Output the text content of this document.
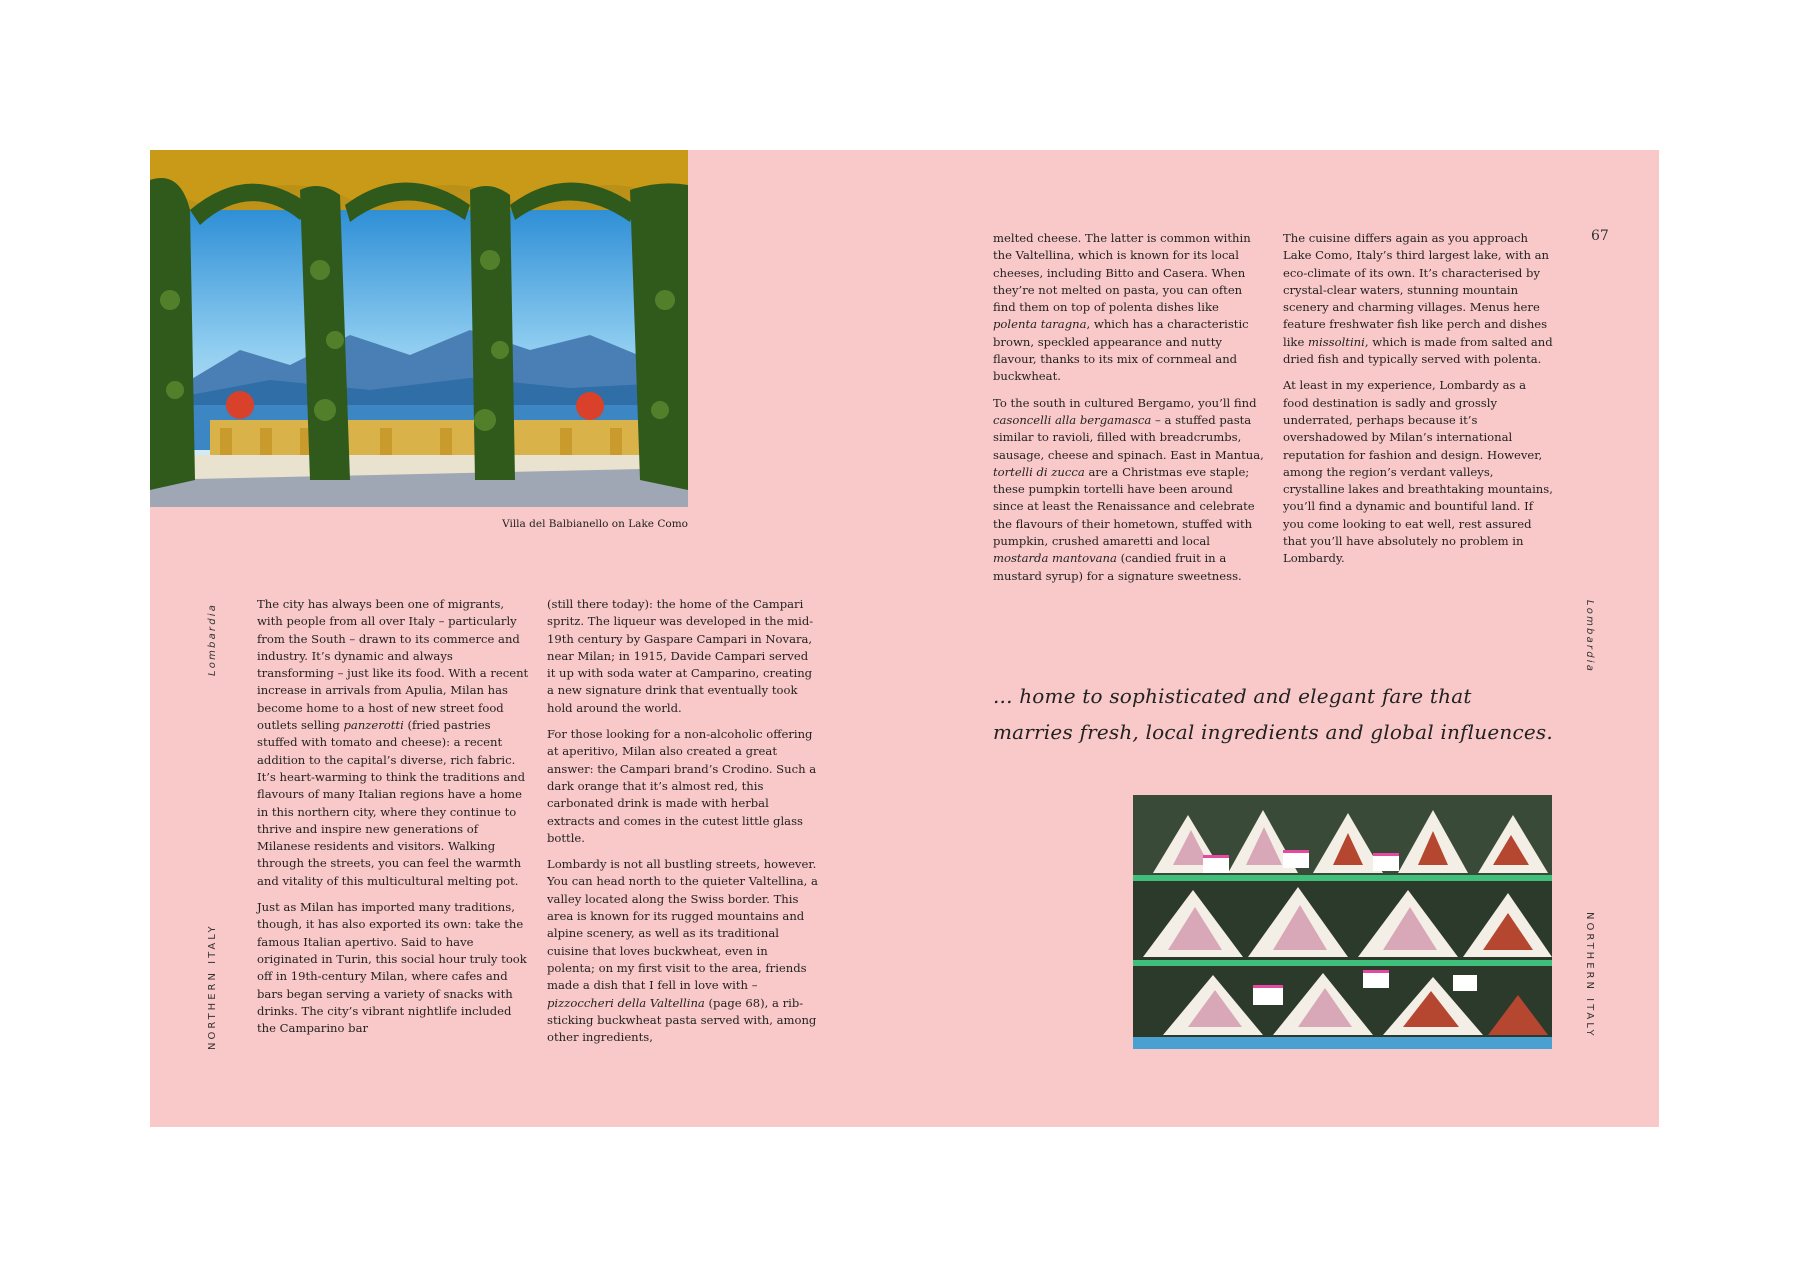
Villa del Balbianello on Lake Como
Lombardia
NORTHERN ITALY

The city has always been one of migrants, with people from all over Italy – particularly from the South – drawn to its commerce and industry. It’s dynamic and always transforming – just like its food. With a recent increase in arrivals from Apulia, Milan has become home to a host of new street food outlets selling panzerotti (fried pastries stuffed with tomato and cheese): a recent addition to the capital’s diverse, rich fabric. It’s heart-warming to think the traditions and flavours of many Italian regions have a home in this northern city, where they continue to thrive and inspire new generations of Milanese residents and visitors. Walking through the streets, you can feel the warmth and vitality of this multicultural melting pot.

Just as Milan has imported many traditions, though, it has also exported its own: take the famous Italian apertivo. Said to have originated in Turin, this social hour truly took off in 19th-century Milan, where cafes and bars began serving a variety of snacks with drinks. The city’s vibrant nightlife included the Camparino bar

(still there today): the home of the Campari spritz. The liqueur was developed in the mid-19th century by Gaspare Campari in Novara, near Milan; in 1915, Davide Campari served it up with soda water at Camparino, creating a new signature drink that eventually took hold around the world.

For those looking for a non-alcoholic offering at aperitivo, Milan also created a great answer: the Campari brand’s Crodino. Such a dark orange that it’s almost red, this carbonated drink is made with herbal extracts and comes in the cutest little glass bottle.

Lombardy is not all bustling streets, however. You can head north to the quieter Valtellina, a valley located along the Swiss border. This area is known for its rugged mountains and alpine scenery, as well as its traditional cuisine that loves buckwheat, even in polenta; on my first visit to the area, friends made a dish that I fell in love with – pizzoccheri della Valtellina (page 68), a rib-sticking buckwheat pasta served with, among other ingredients,

melted cheese. The latter is common within the Valtellina, which is known for its local cheeses, including Bitto and Casera. When they’re not melted on pasta, you can often find them on top of polenta dishes like polenta taragna, which has a characteristic brown, speckled appearance and nutty flavour, thanks to its mix of cornmeal and buckwheat.

To the south in cultured Bergamo, you’ll find casoncelli alla bergamasca – a stuffed pasta similar to ravioli, filled with breadcrumbs, sausage, cheese and spinach. East in Mantua, tortelli di zucca are a Christmas eve staple; these pumpkin tortelli have been around since at least the Renaissance and celebrate the flavours of their hometown, stuffed with pumpkin, crushed amaretti and local mostarda mantovana (candied fruit in a mustard syrup) for a signature sweetness.

The cuisine differs again as you approach Lake Como, Italy’s third largest lake, with an eco-climate of its own. It’s characterised by crystal-clear waters, stunning mountain scenery and charming villages. Menus here feature freshwater fish like perch and dishes like missoltini, which is made from salted and dried fish and typically served with polenta.

At least in my experience, Lombardy as a food destination is sadly and grossly underrated, perhaps because it’s overshadowed by Milan’s international reputation for fashion and design. However, among the region’s verdant valleys, crystalline lakes and breathtaking mountains, you’ll find a dynamic and bountiful land. If you come looking to eat well, rest assured that you’ll have absolutely no problem in Lombardy.

67
Lombardia
NORTHERN ITALY
... home to sophisticated and elegant fare that
marries fresh, local ingredients and global influences.
